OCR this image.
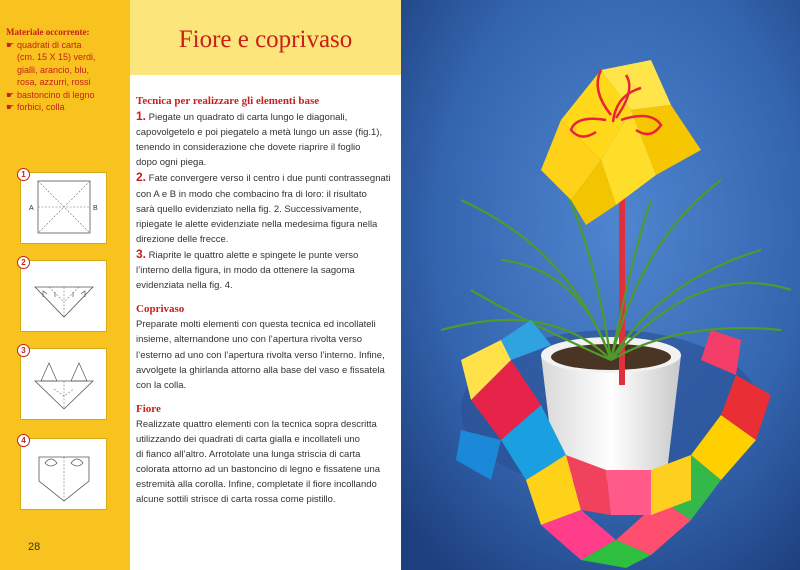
Materiale occorrente:
☛ quadrati di carta
(cm. 15 X 15) verdi,
gialli, arancio, blu,
rosa, azzurri, rossi
☛ bastoncino di legno
☛ forbici, colla
A	B
1
2
3
4
28
Fiore e coprivaso
Tecnica per realizzare gli elementi base
1. Piegate un quadrato di carta lungo le diagonali,
capovolgetelo e poi piegatelo a metà lungo un asse (fig.1),
tenendo in considerazione che dovete riaprire il foglio
dopo ogni piega.
2. Fate convergere verso il centro i due punti contrassegnati
con A e B in modo che combacino fra di loro: il risultato
sarà quello evidenziato nella fig. 2. Successivamente,
ripiegate le alette evidenziate nella medesima figura nella
direzione delle frecce.
3. Riaprite le quattro alette e spingete le punte verso
l’interno della figura, in modo da ottenere la sagoma
evidenziata nella fig. 4.
Coprivaso
Preparate molti elementi con questa tecnica ed incollateli
insieme, alternandone uno con l’apertura rivolta verso
l’esterno ad uno con l’apertura rivolta verso l’interno. Infine,
avvolgete la ghirlanda attorno alla base del vaso e fissatela
con la colla.
Fiore
Realizzate quattro elementi con la tecnica sopra descritta
utilizzando dei quadrati di carta gialla e incollateli uno
di fianco all’altro. Arrotolate una lunga striscia di carta
colorata attorno ad un bastoncino di legno e fissatene una
estremità alla corolla. Infine, completate il fiore incollando
alcune sottili strisce di carta rossa come pistillo.
